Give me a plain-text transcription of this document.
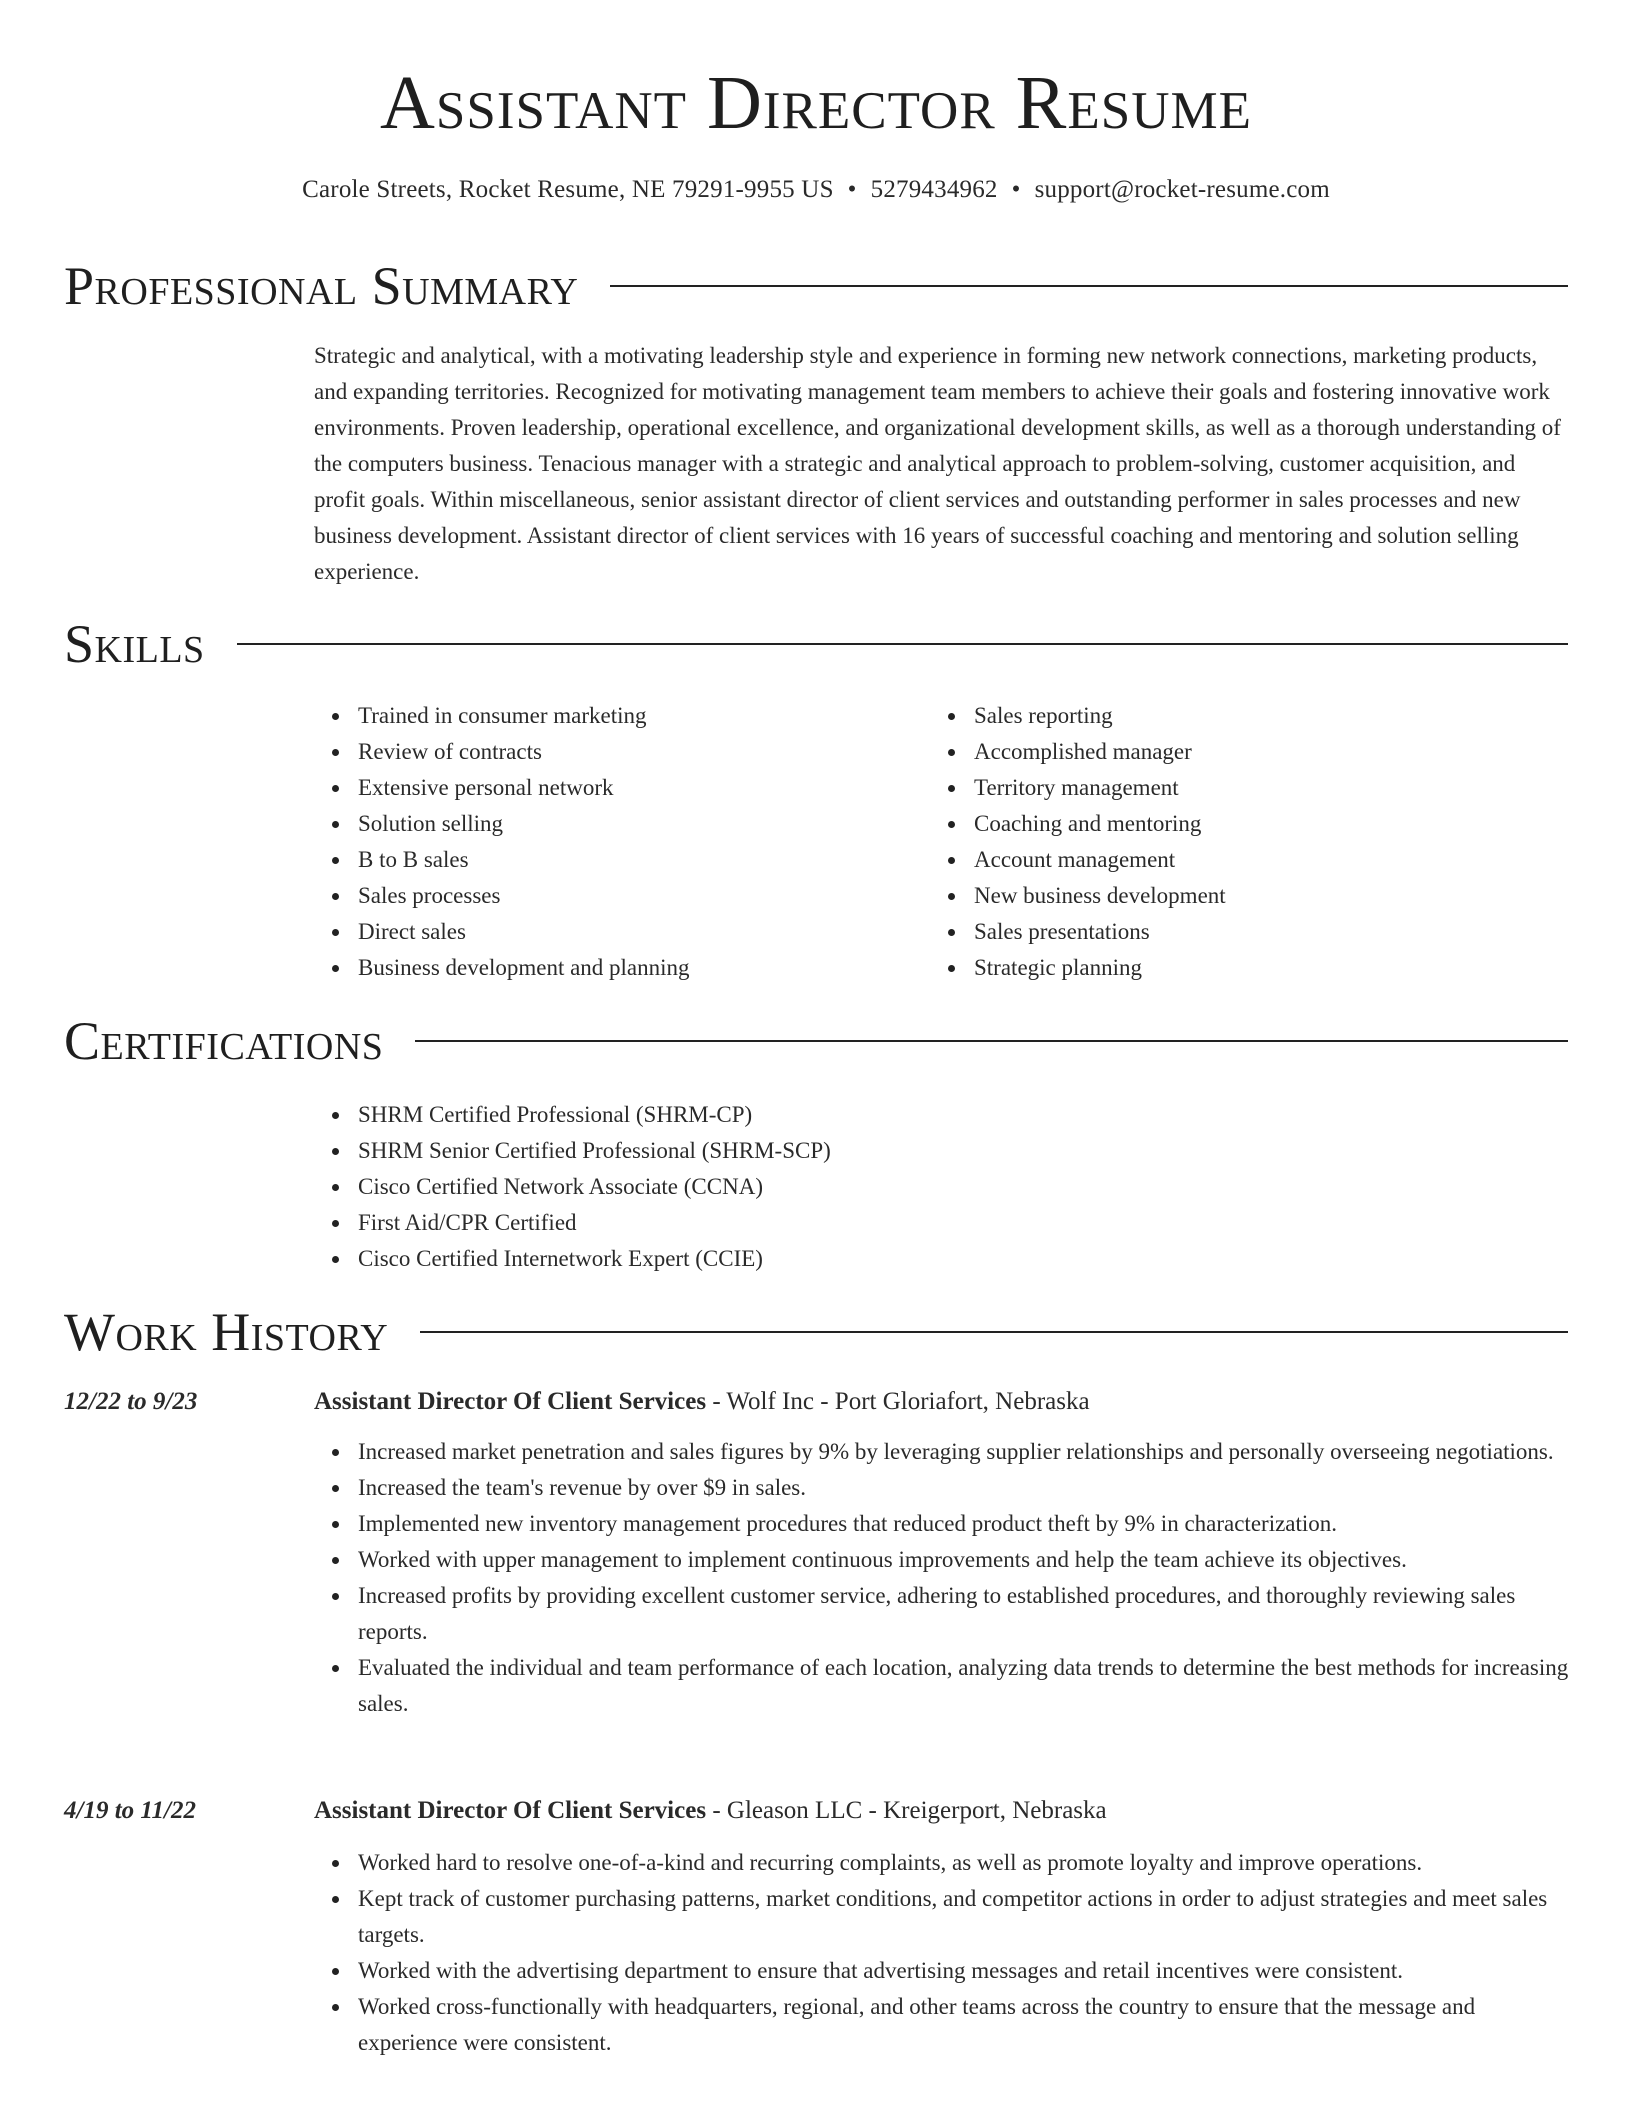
Assistant Director Resume
Carole Streets, Rocket Resume, NE 79291-9955 US • 5279434962 • support@rocket-resume.com
Professional Summary

Strategic and analytical, with a motivating leadership style and experience in forming new network connections, marketing products, and expanding territories. Recognized for motivating management team members to achieve their goals and fostering innovative work environments. Proven leadership, operational excellence, and organizational development skills, as well as a thorough understanding of the computers business. Tenacious manager with a strategic and analytical approach to problem-solving, customer acquisition, and profit goals. Within miscellaneous, senior assistant director of client services and outstanding performer in sales processes and new business development. Assistant director of client services with 16 years of successful coaching and mentoring and solution selling experience.

Skills
Trained in consumer marketing
Review of contracts
Extensive personal network
Solution selling
B to B sales
Sales processes
Direct sales
Business development and planning
Sales reporting
Accomplished manager
Territory management
Coaching and mentoring
Account management
New business development
Sales presentations
Strategic planning
Certifications
SHRM Certified Professional (SHRM-CP)
SHRM Senior Certified Professional (SHRM-SCP)
Cisco Certified Network Associate (CCNA)
First Aid/CPR Certified
Cisco Certified Internetwork Expert (CCIE)
Work History
12/22 to 9/23	Assistant Director Of Client Services - Wolf Inc - Port Gloriafort, Nebraska
Increased market penetration and sales figures by 9% by leveraging supplier relationships and personally overseeing negotiations.
Increased the team's revenue by over $9 in sales.
Implemented new inventory management procedures that reduced product theft by 9% in characterization.
Worked with upper management to implement continuous improvements and help the team achieve its objectives.
Increased profits by providing excellent customer service, adhering to established procedures, and thoroughly reviewing sales reports.
Evaluated the individual and team performance of each location, analyzing data trends to determine the best methods for increasing sales.
4/19 to 11/22	Assistant Director Of Client Services - Gleason LLC - Kreigerport, Nebraska
Worked hard to resolve one-of-a-kind and recurring complaints, as well as promote loyalty and improve operations.
Kept track of customer purchasing patterns, market conditions, and competitor actions in order to adjust strategies and meet sales targets.
Worked with the advertising department to ensure that advertising messages and retail incentives were consistent.
Worked cross-functionally with headquarters, regional, and other teams across the country to ensure that the message and experience were consistent.
